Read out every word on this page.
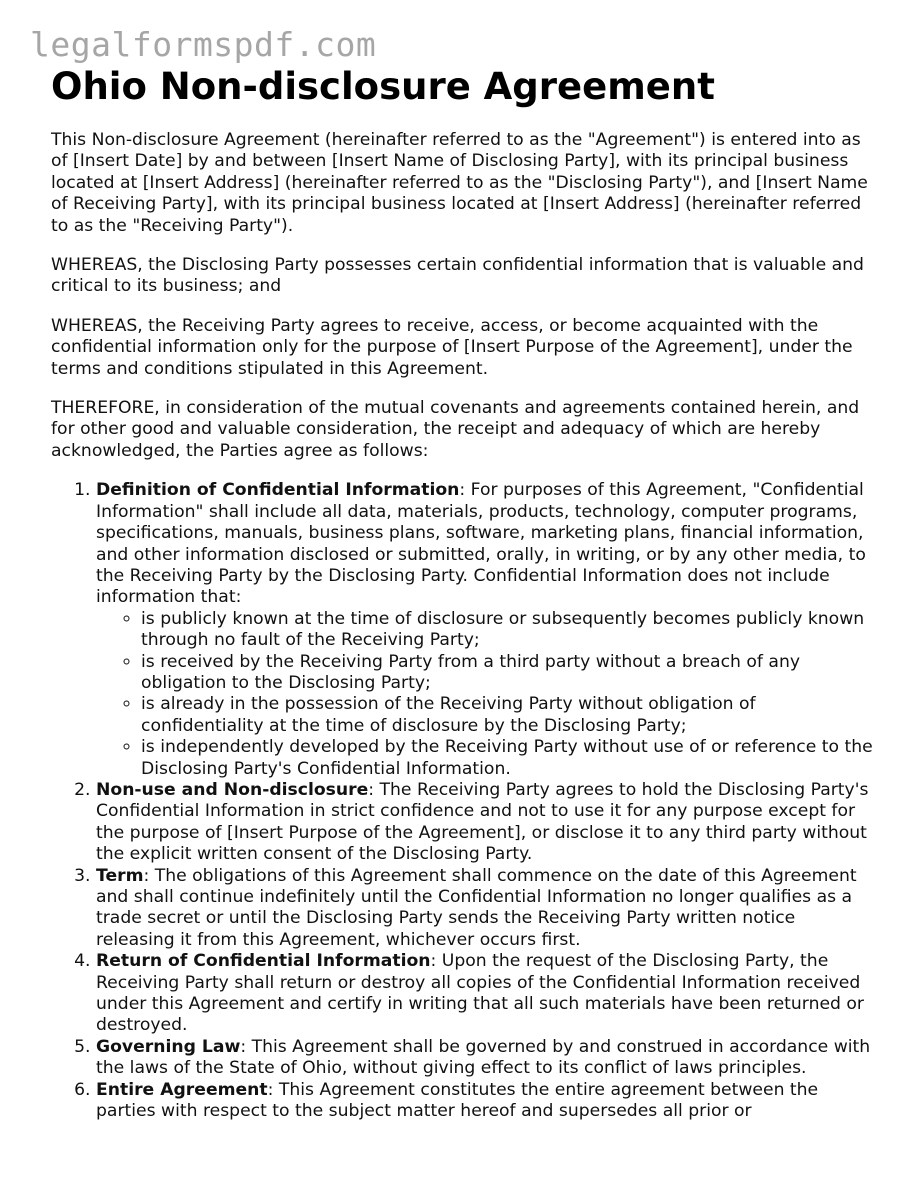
legalformspdf.com
Ohio Non-disclosure Agreement

This Non-disclosure Agreement (hereinafter referred to as the "Agreement") is entered into as of [Insert Date] by and between [Insert Name of Disclosing Party], with its principal business located at [Insert Address] (hereinafter referred to as the "Disclosing Party"), and [Insert Name of Receiving Party], with its principal business located at [Insert Address] (hereinafter referred to as the "Receiving Party").

WHEREAS, the Disclosing Party possesses certain confidential information that is valuable and critical to its business; and

WHEREAS, the Receiving Party agrees to receive, access, or become acquainted with the confidential information only for the purpose of [Insert Purpose of the Agreement], under the terms and conditions stipulated in this Agreement.

THEREFORE, in consideration of the mutual covenants and agreements contained herein, and for other good and valuable consideration, the receipt and adequacy of which are hereby acknowledged, the Parties agree as follows:

1. Definition of Confidential Information: For purposes of this Agreement, "Confidential Information" shall include all data, materials, products, technology, computer programs, specifications, manuals, business plans, software, marketing plans, financial information, and other information disclosed or submitted, orally, in writing, or by any other media, to the Receiving Party by the Disclosing Party. Confidential Information does not include information that:
◦ is publicly known at the time of disclosure or subsequently becomes publicly known through no fault of the Receiving Party;
◦ is received by the Receiving Party from a third party without a breach of any obligation to the Disclosing Party;
◦ is already in the possession of the Receiving Party without obligation of confidentiality at the time of disclosure by the Disclosing Party;
◦ is independently developed by the Receiving Party without use of or reference to the Disclosing Party's Confidential Information.
2. Non-use and Non-disclosure: The Receiving Party agrees to hold the Disclosing Party's Confidential Information in strict confidence and not to use it for any purpose except for the purpose of [Insert Purpose of the Agreement], or disclose it to any third party without the explicit written consent of the Disclosing Party.
3. Term: The obligations of this Agreement shall commence on the date of this Agreement and shall continue indefinitely until the Confidential Information no longer qualifies as a trade secret or until the Disclosing Party sends the Receiving Party written notice releasing it from this Agreement, whichever occurs first.
4. Return of Confidential Information: Upon the request of the Disclosing Party, the Receiving Party shall return or destroy all copies of the Confidential Information received under this Agreement and certify in writing that all such materials have been returned or destroyed.
5. Governing Law: This Agreement shall be governed by and construed in accordance with the laws of the State of Ohio, without giving effect to its conflict of laws principles.
6. Entire Agreement: This Agreement constitutes the entire agreement between the parties with respect to the subject matter hereof and supersedes all prior or
